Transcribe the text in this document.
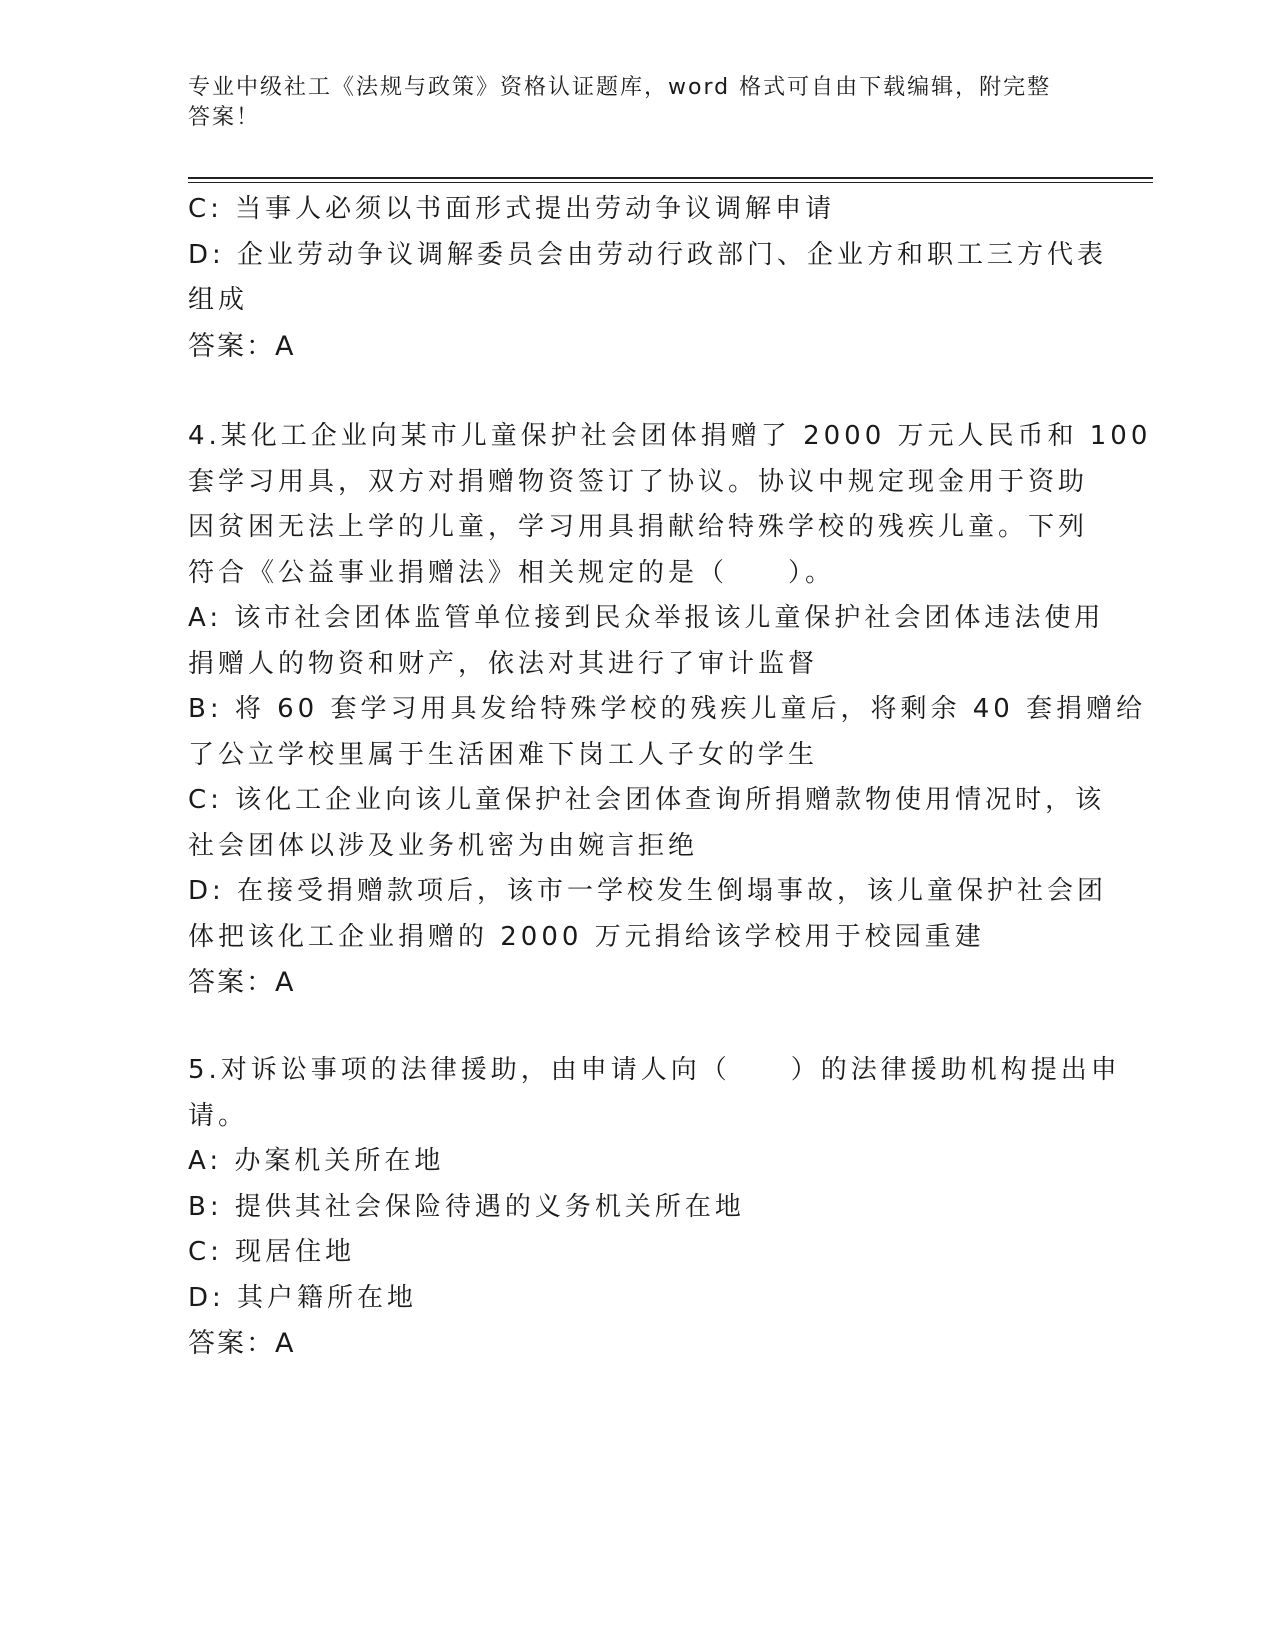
专业中级社工《法规与政策》资格认证题库，word 格式可自由下载编辑，附完整
答案！
C: 当事人必须以书面形式提出劳动争议调解申请
D: 企业劳动争议调解委员会由劳动行政部门、企业方和职工三方代表
组成
答案：A
4.某化工企业向某市儿童保护社会团体捐赠了 2000 万元人民币和 100
套学习用具，双方对捐赠物资签订了协议。协议中规定现金用于资助
因贫困无法上学的儿童，学习用具捐献给特殊学校的残疾儿童。下列
符合《公益事业捐赠法》相关规定的是（　　）。
A: 该市社会团体监管单位接到民众举报该儿童保护社会团体违法使用
捐赠人的物资和财产，依法对其进行了审计监督
B: 将 60 套学习用具发给特殊学校的残疾儿童后，将剩余 40 套捐赠给
了公立学校里属于生活困难下岗工人子女的学生
C: 该化工企业向该儿童保护社会团体查询所捐赠款物使用情况时，该
社会团体以涉及业务机密为由婉言拒绝
D: 在接受捐赠款项后，该市一学校发生倒塌事故，该儿童保护社会团
体把该化工企业捐赠的 2000 万元捐给该学校用于校园重建
答案：A
5.对诉讼事项的法律援助，由申请人向（　　）的法律援助机构提出申
请。
A: 办案机关所在地
B: 提供其社会保险待遇的义务机关所在地
C: 现居住地
D: 其户籍所在地
答案：A
